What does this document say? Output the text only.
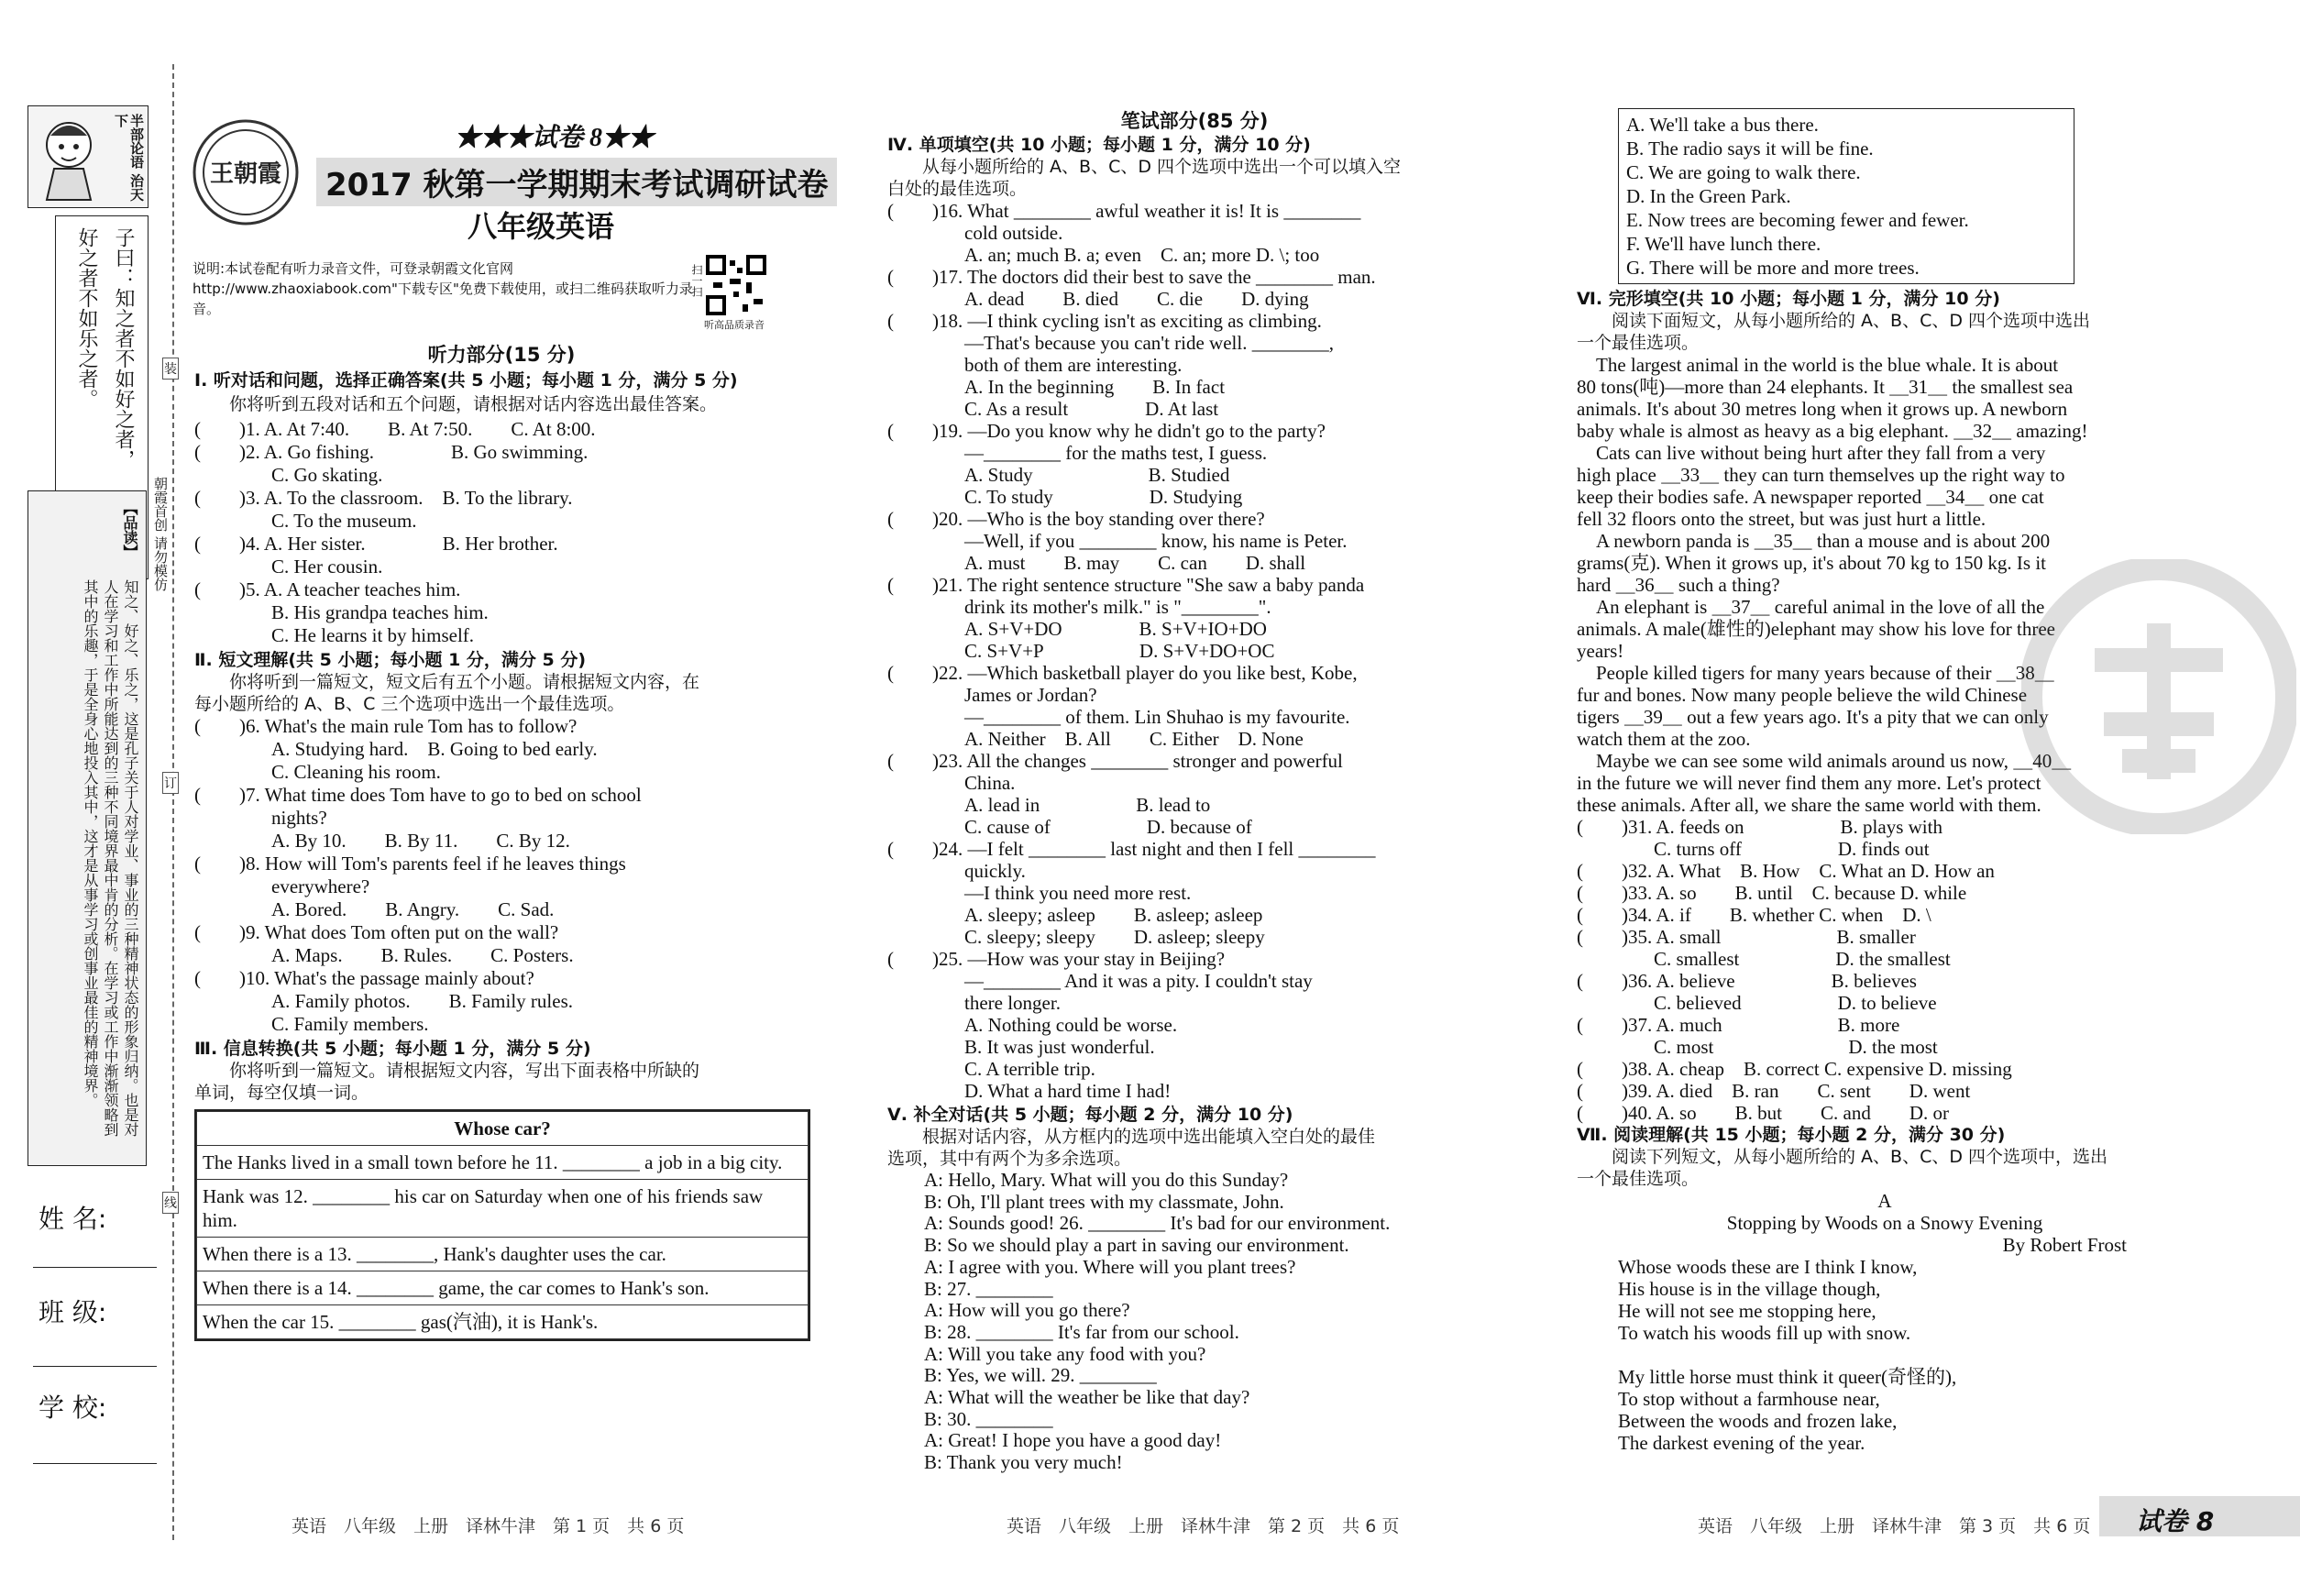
半部论语 治天下
子曰：知之者不如好之者，
好之者不如乐之者。
【品读】
知之、好之、乐之，这是孔子关于人对学业、事业的三种精神状态的形象归纳。也是对人在学习和工作中所能达到的三种不同境界最中肯的分析。在学习或工作中渐渐领略到其中的乐趣，于是全身心地投入其中，这才是从事学习或创事业最佳的精神境界。
朝霞首创 请勿模仿
装
订
线
姓 名:
班 级:
学 校:
王朝霞
★★★试卷 8★★
2017 秋第一学期期末考试调研试卷
八年级英语
说明:本试卷配有听力录音文件，可登录朝霞文化官网 http://www.zhaoxiabook.com"下载专区"免费下载使用，或扫二维码获取听力录音。
扫一扫
听高品质录音
听力部分(15 分)
Ⅰ. 听对话和问题，选择正确答案(共 5 小题；每小题 1 分，满分 5 分)
你将听到五段对话和五个问题，请根据对话内容选出最佳答案。
(　　)1. A. At 7:40.　　B. At 7:50.　　C. At 8:00.
(　　)2. A. Go fishing.　　　　B. Go swimming.
　　　　C. Go skating.
(　　)3. A. To the classroom.　B. To the library.
　　　　C. To the museum.
(　　)4. A. Her sister.　　　　B. Her brother.
　　　　C. Her cousin.
(　　)5. A. A teacher teaches him.
　　　　B. His grandpa teaches him.
　　　　C. He learns it by himself.
Ⅱ. 短文理解(共 5 小题；每小题 1 分，满分 5 分)
你将听到一篇短文，短文后有五个小题。请根据短文内容，在
每小题所给的 A、B、C 三个选项中选出一个最佳选项。
(　　)6. What's the main rule Tom has to follow?
　　　　A. Studying hard.　B. Going to bed early.
　　　　C. Cleaning his room.
(　　)7. What time does Tom have to go to bed on school
　　　　nights?
　　　　A. By 10.　　B. By 11.　　C. By 12.
(　　)8. How will Tom's parents feel if he leaves things
　　　　everywhere?
　　　　A. Bored.　　B. Angry.　　C. Sad.
(　　)9. What does Tom often put on the wall?
　　　　A. Maps.　　B. Rules.　　C. Posters.
(　　)10. What's the passage mainly about?
　　　　A. Family photos.　　B. Family rules.
　　　　C. Family members.
Ⅲ. 信息转换(共 5 小题；每小题 1 分，满分 5 分)
你将听到一篇短文。请根据短文内容，写出下面表格中所缺的
单词，每空仅填一词。
Whose car?
The Hanks lived in a small town before he 11. ________ a job in a big city.
Hank was 12. ________ his car on Saturday when one of his friends saw him.
When there is a 13. ________, Hank's daughter uses the car.
When there is a 14. ________ game, the car comes to Hank's son.
When the car 15. ________ gas(汽油), it is Hank's.
笔试部分(85 分)
Ⅳ. 单项填空(共 10 小题；每小题 1 分，满分 10 分)
从每小题所给的 A、B、C、D 四个选项中选出一个可以填入空
白处的最佳选项。
(　　)16. What ________ awful weather it is! It is ________
　　　　cold outside.
　　　　A. an; much B. a; even　C. an; more D. \; too
(　　)17. The doctors did their best to save the ________ man.
　　　　A. dead　　B. died　　C. die　　D. dying
(　　)18. —I think cycling isn't as exciting as climbing.
　　　　—That's because you can't ride well. ________,
　　　　both of them are interesting.
　　　　A. In the beginning　　B. In fact
　　　　C. As a result　　　　D. At last
(　　)19. —Do you know why he didn't go to the party?
　　　　—________ for the maths test, I guess.
　　　　A. Study　　　　　　B. Studied
　　　　C. To study　　　　　D. Studying
(　　)20. —Who is the boy standing over there?
　　　　—Well, if you ________ know, his name is Peter.
　　　　A. must　　B. may　　C. can　　D. shall
(　　)21. The right sentence structure "She saw a baby panda
　　　　drink its mother's milk." is "________".
　　　　A. S+V+DO　　　　B. S+V+IO+DO
　　　　C. S+V+P　　　　　D. S+V+DO+OC
(　　)22. —Which basketball player do you like best, Kobe,
　　　　James or Jordan?
　　　　—________ of them. Lin Shuhao is my favourite.
　　　　A. Neither　B. All　　C. Either　D. None
(　　)23. All the changes ________ stronger and powerful
　　　　China.
　　　　A. lead in　　　　　B. lead to
　　　　C. cause of　　　　　D. because of
(　　)24. —I felt ________ last night and then I fell ________
　　　　quickly.
　　　　—I think you need more rest.
　　　　A. sleepy; asleep　　B. asleep; asleep
　　　　C. sleepy; sleepy　　D. asleep; sleepy
(　　)25. —How was your stay in Beijing?
　　　　—________ And it was a pity. I couldn't stay
　　　　there longer.
　　　　A. Nothing could be worse.
　　　　B. It was just wonderful.
　　　　C. A terrible trip.
　　　　D. What a hard time I had!
Ⅴ. 补全对话(共 5 小题；每小题 2 分，满分 10 分)
根据对话内容，从方框内的选项中选出能填入空白处的最佳
选项，其中有两个为多余选项。
A: Hello, Mary. What will you do this Sunday?
B: Oh, I'll plant trees with my classmate, John.
A: Sounds good! 26. ________ It's bad for our environment.
B: So we should play a part in saving our environment.
A: I agree with you. Where will you plant trees?
B: 27. ________
A: How will you go there?
B: 28. ________ It's far from our school.
A: Will you take any food with you?
B: Yes, we will. 29. ________
A: What will the weather be like that day?
B: 30. ________
A: Great! I hope you have a good day!
B: Thank you very much!
A. We'll take a bus there.
B. The radio says it will be fine.
C. We are going to walk there.
D. In the Green Park.
E. Now trees are becoming fewer and fewer.
F. We'll have lunch there.
G. There will be more and more trees.
Ⅵ. 完形填空(共 10 小题；每小题 1 分，满分 10 分)
阅读下面短文，从每小题所给的 A、B、C、D 四个选项中选出
一个最佳选项。
　The largest animal in the world is the blue whale. It is about
80 tons(吨)—more than 24 elephants. It ＿31＿ the smallest sea
animals. It's about 30 metres long when it grows up. A newborn
baby whale is almost as heavy as a big elephant. ＿32＿ amazing!
　Cats can live without being hurt after they fall from a very
high place ＿33＿ they can turn themselves up the right way to
keep their bodies safe. A newspaper reported ＿34＿ one cat
fell 32 floors onto the street, but was just hurt a little.
　A newborn panda is ＿35＿ than a mouse and is about 200
grams(克). When it grows up, it's about 70 kg to 150 kg. Is it
hard ＿36＿ such a thing?
　An elephant is ＿37＿ careful animal in the love of all the
animals. A male(雄性的)elephant may show his love for three
years!
　People killed tigers for many years because of their ＿38＿
fur and bones. Now many people believe the wild Chinese
tigers ＿39＿ out a few years ago. It's a pity that we can only
watch them at the zoo.
　Maybe we can see some wild animals around us now, ＿40＿
in the future we will never find them any more. Let's protect
these animals. After all, we share the same world with them.
(　　)31. A. feeds on　　　　　B. plays with
　　　　C. turns off　　　　　D. finds out
(　　)32. A. What　B. How　C. What an D. How an
(　　)33. A. so　　B. until　C. because D. while
(　　)34. A. if　　B. whether C. when　D. \
(　　)35. A. small　　　　　　B. smaller
　　　　C. smallest　　　　　D. the smallest
(　　)36. A. believe　　　　　B. believes
　　　　C. believed　　　　　D. to believe
(　　)37. A. much　　　　　　B. more
　　　　C. most　　　　　　　D. the most
(　　)38. A. cheap　B. correct C. expensive D. missing
(　　)39. A. died　B. ran　　C. sent　　D. went
(　　)40. A. so　　B. but　　C. and　　D. or
Ⅶ. 阅读理解(共 15 小题；每小题 2 分，满分 30 分)
阅读下列短文，从每小题所给的 A、B、C、D 四个选项中，选出
一个最佳选项。
A
Stopping by Woods on a Snowy Evening
By Robert Frost
Whose woods these are I think I know,
His house is in the village though,
He will not see me stopping here,
To watch his woods fill up with snow.

My little horse must think it queer(奇怪的),
To stop without a farmhouse near,
Between the woods and frozen lake,
The darkest evening of the year.
英语　八年级　上册　译林牛津　第 1 页　共 6 页	英语　八年级　上册　译林牛津　第 2 页　共 6 页	英语　八年级　上册　译林牛津　第 3 页　共 6 页 试卷 8
